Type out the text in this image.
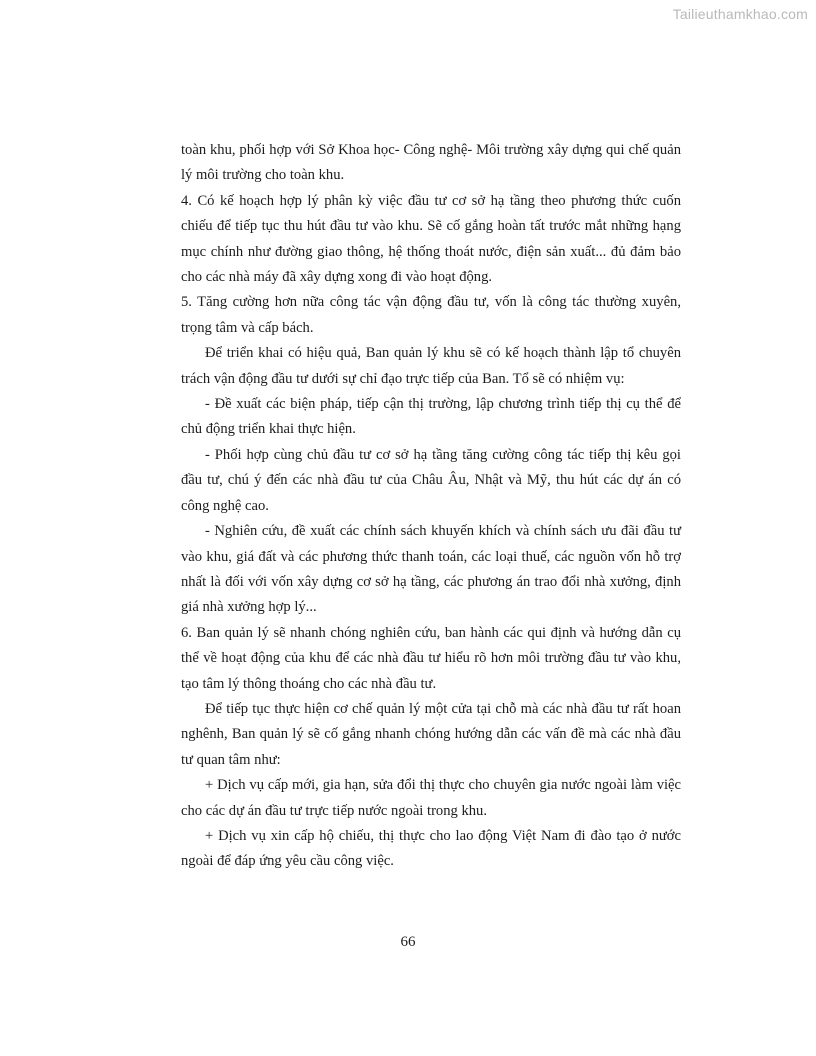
Tailieuthamkhao.com

toàn khu, phối hợp với Sở Khoa học- Công nghệ- Môi trường xây dựng qui chế quản lý môi trường cho toàn khu.

4. Có kế hoạch hợp lý phân kỳ việc đầu tư cơ sở hạ tầng theo phương thức cuốn chiếu để tiếp tục thu hút đầu tư vào khu. Sẽ cố gắng hoàn tất trước mắt những hạng mục chính như đường giao thông, hệ thống thoát nước, điện sản xuất... đủ đảm bảo cho các nhà máy đã xây dựng xong đi vào hoạt động.

5. Tăng cường hơn nữa công tác vận động đầu tư, vốn là công tác thường xuyên, trọng tâm và cấp bách.

Để triển khai có hiệu quả, Ban quản lý khu sẽ có kế hoạch thành lập tổ chuyên trách vận động đầu tư dưới sự chỉ đạo trực tiếp của Ban. Tổ sẽ có nhiệm vụ:

- Đề xuất các biện pháp, tiếp cận thị trường, lập chương trình tiếp thị cụ thể để chủ động triển khai thực hiện.

- Phối hợp cùng chủ đầu tư cơ sở hạ tầng tăng cường công tác tiếp thị kêu gọi đầu tư, chú ý đến các nhà đầu tư của Châu Âu, Nhật và Mỹ, thu hút các dự án có công nghệ cao.

- Nghiên cứu, đề xuất các chính sách khuyến khích và chính sách ưu đãi đầu tư vào khu, giá đất và các phương thức thanh toán, các loại thuế, các nguồn vốn hỗ trợ nhất là đối với vốn xây dựng cơ sở hạ tầng, các phương án trao đổi nhà xưởng, định giá nhà xưởng hợp lý...

6. Ban quản lý sẽ nhanh chóng nghiên cứu, ban hành các qui định và hướng dẫn cụ thể về hoạt động của khu để các nhà đầu tư hiểu rõ hơn môi trường đầu tư vào khu, tạo tâm lý thông thoáng cho các nhà đầu tư.

Để tiếp tục thực hiện cơ chế quản lý một cửa tại chỗ mà các nhà đầu tư rất hoan nghênh, Ban quản lý sẽ cố gắng nhanh chóng hướng dẫn các vấn đề mà các nhà đầu tư quan tâm như:

+ Dịch vụ cấp mới, gia hạn, sửa đổi thị thực cho chuyên gia nước ngoài làm việc cho các dự án đầu tư trực tiếp nước ngoài trong khu.

+ Dịch vụ xin cấp hộ chiếu, thị thực cho lao động Việt Nam đi đào tạo ở nước ngoài để đáp ứng yêu cầu công việc.

66
